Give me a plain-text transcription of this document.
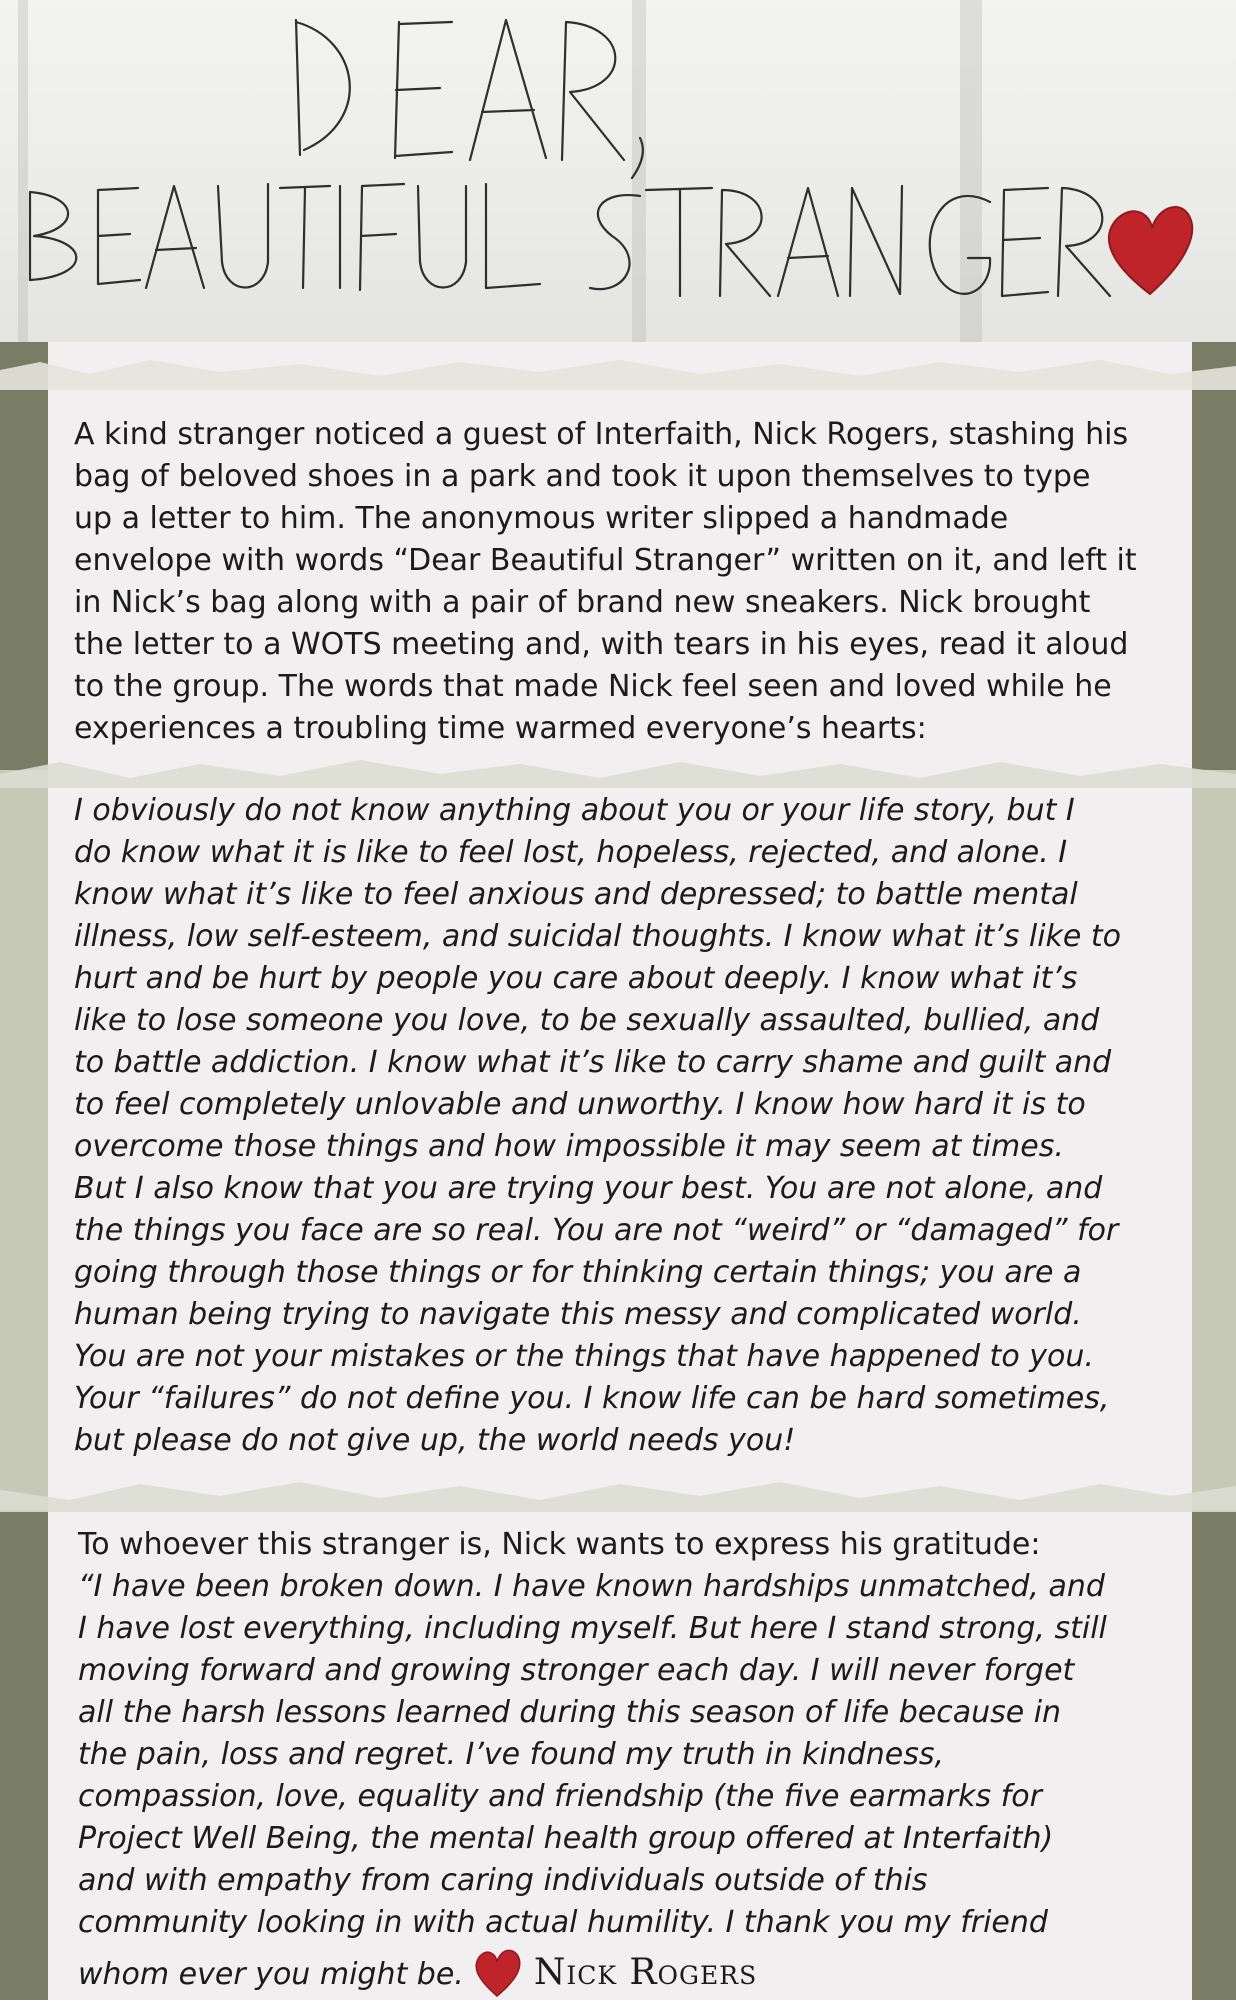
A kind stranger noticed a guest of Interfaith, Nick Rogers, stashing his
bag of beloved shoes in a park and took it upon themselves to type
up a letter to him. The anonymous writer slipped a handmade
envelope with words “Dear Beautiful Stranger” written on it, and left it
in Nick’s bag along with a pair of brand new sneakers. Nick brought
the letter to a WOTS meeting and, with tears in his eyes, read it aloud
to the group. The words that made Nick feel seen and loved while he
experiences a troubling time warmed everyone’s hearts:

I obviously do not know anything about you or your life story, but I
do know what it is like to feel lost, hopeless, rejected, and alone. I
know what it’s like to feel anxious and depressed; to battle mental
illness, low self-esteem, and suicidal thoughts. I know what it’s like to
hurt and be hurt by people you care about deeply. I know what it’s
like to lose someone you love, to be sexually assaulted, bullied, and
to battle addiction. I know what it’s like to carry shame and guilt and
to feel completely unlovable and unworthy. I know how hard it is to
overcome those things and how impossible it may seem at times.
But I also know that you are trying your best. You are not alone, and
the things you face are so real. You are not “weird” or “damaged” for
going through those things or for thinking certain things; you are a
human being trying to navigate this messy and complicated world.
You are not your mistakes or the things that have happened to you.
Your “failures” do not define you. I know life can be hard sometimes,
but please do not give up, the world needs you!

To whoever this stranger is, Nick wants to express his gratitude:

“I have been broken down. I have known hardships unmatched, and
I have lost everything, including myself. But here I stand strong, still
moving forward and growing stronger each day. I will never forget
all the harsh lessons learned during this season of life because in
the pain, loss and regret. I’ve found my truth in kindness,
compassion, love, equality and friendship (the five earmarks for
Project Well Being, the mental health group offered at Interfaith)
and with empathy from caring individuals outside of this
community looking in with actual humility. I thank you my friend
whom ever you might be. Nick Rogers
